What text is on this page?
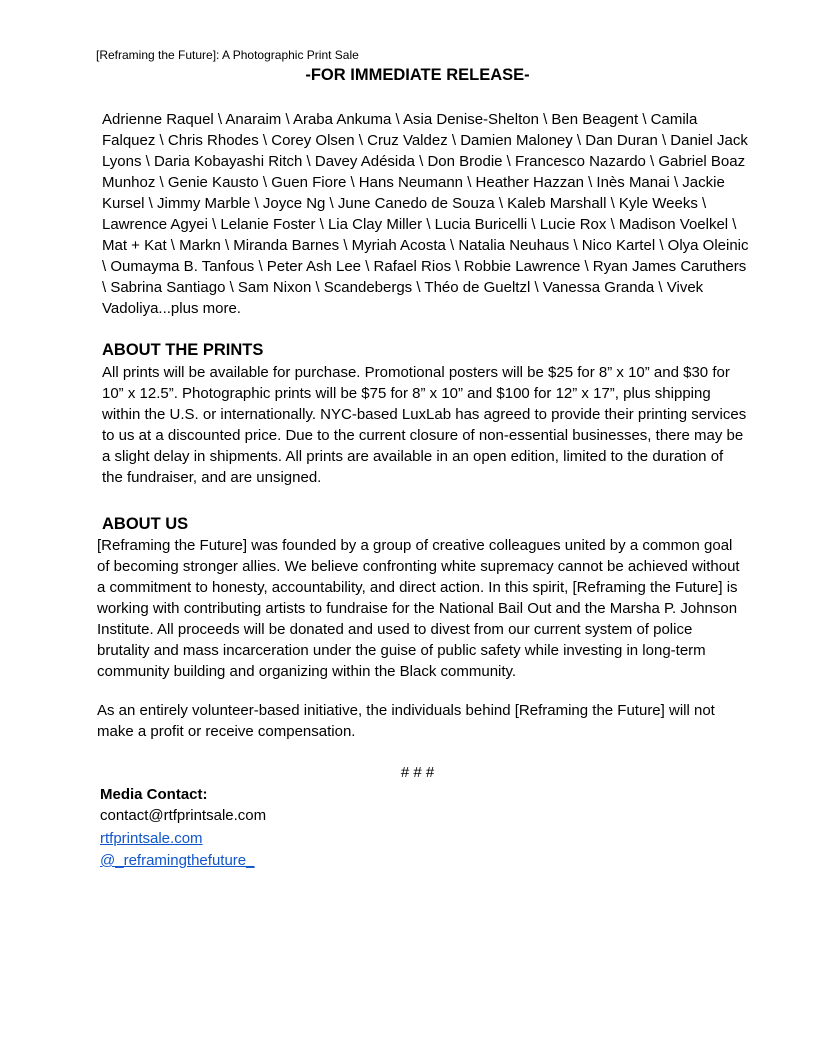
[Reframing the Future]: A Photographic Print Sale

-FOR IMMEDIATE RELEASE-

Adrienne Raquel \ Anaraim \ Araba Ankuma \ Asia Denise-Shelton \ Ben Beagent \ Camila Falquez \ Chris Rhodes \ Corey Olsen \ Cruz Valdez \ Damien Maloney \ Dan Duran \ Daniel Jack Lyons \ Daria Kobayashi Ritch \ Davey Adésida \ Don Brodie \ Francesco Nazardo \ Gabriel Boaz Munhoz \ Genie Kausto \ Guen Fiore \ Hans Neumann \ Heather Hazzan \ Inès Manai \ Jackie Kursel \ Jimmy Marble \ Joyce Ng \ June Canedo de Souza \ Kaleb Marshall \ Kyle Weeks \ Lawrence Agyei \ Lelanie Foster \ Lia Clay Miller \ Lucia Buricelli \ Lucie Rox \ Madison Voelkel \ Mat + Kat \ Markn \ Miranda Barnes \ Myriah Acosta \ Natalia Neuhaus \ Nico Kartel \ Olya Oleinic \ Oumayma B. Tanfous \ Peter Ash Lee \ Rafael Rios \ Robbie Lawrence \ Ryan James Caruthers \ Sabrina Santiago \ Sam Nixon \ Scandebergs \ Théo de Gueltzl \ Vanessa Granda \ Vivek Vadoliya...plus more.

ABOUT THE PRINTS

All prints will be available for purchase. Promotional posters will be $25 for 8” x 10” and $30 for 10” x 12.5”. Photographic prints will be $75 for 8” x 10” and $100 for 12” x 17”, plus shipping within the U.S. or internationally. NYC-based LuxLab has agreed to provide their printing services to us at a discounted price. Due to the current closure of non-essential businesses, there may be a slight delay in shipments. All prints are available in an open edition, limited to the duration of the fundraiser, and are unsigned.

ABOUT US

[Reframing the Future] was founded by a group of creative colleagues united by a common goal of becoming stronger allies. We believe confronting white supremacy cannot be achieved without a commitment to honesty, accountability, and direct action. In this spirit, [Reframing the Future] is working with contributing artists to fundraise for the National Bail Out and the Marsha P. Johnson Institute. All proceeds will be donated and used to divest from our current system of police brutality and mass incarceration under the guise of public safety while investing in long-term community building and organizing within the Black community.

As an entirely volunteer-based initiative, the individuals behind [Reframing the Future] will not make a profit or receive compensation.

# # #

Media Contact:

contact@rtfprintsale.com

rtfprintsale.com

@_reframingthefuture_
